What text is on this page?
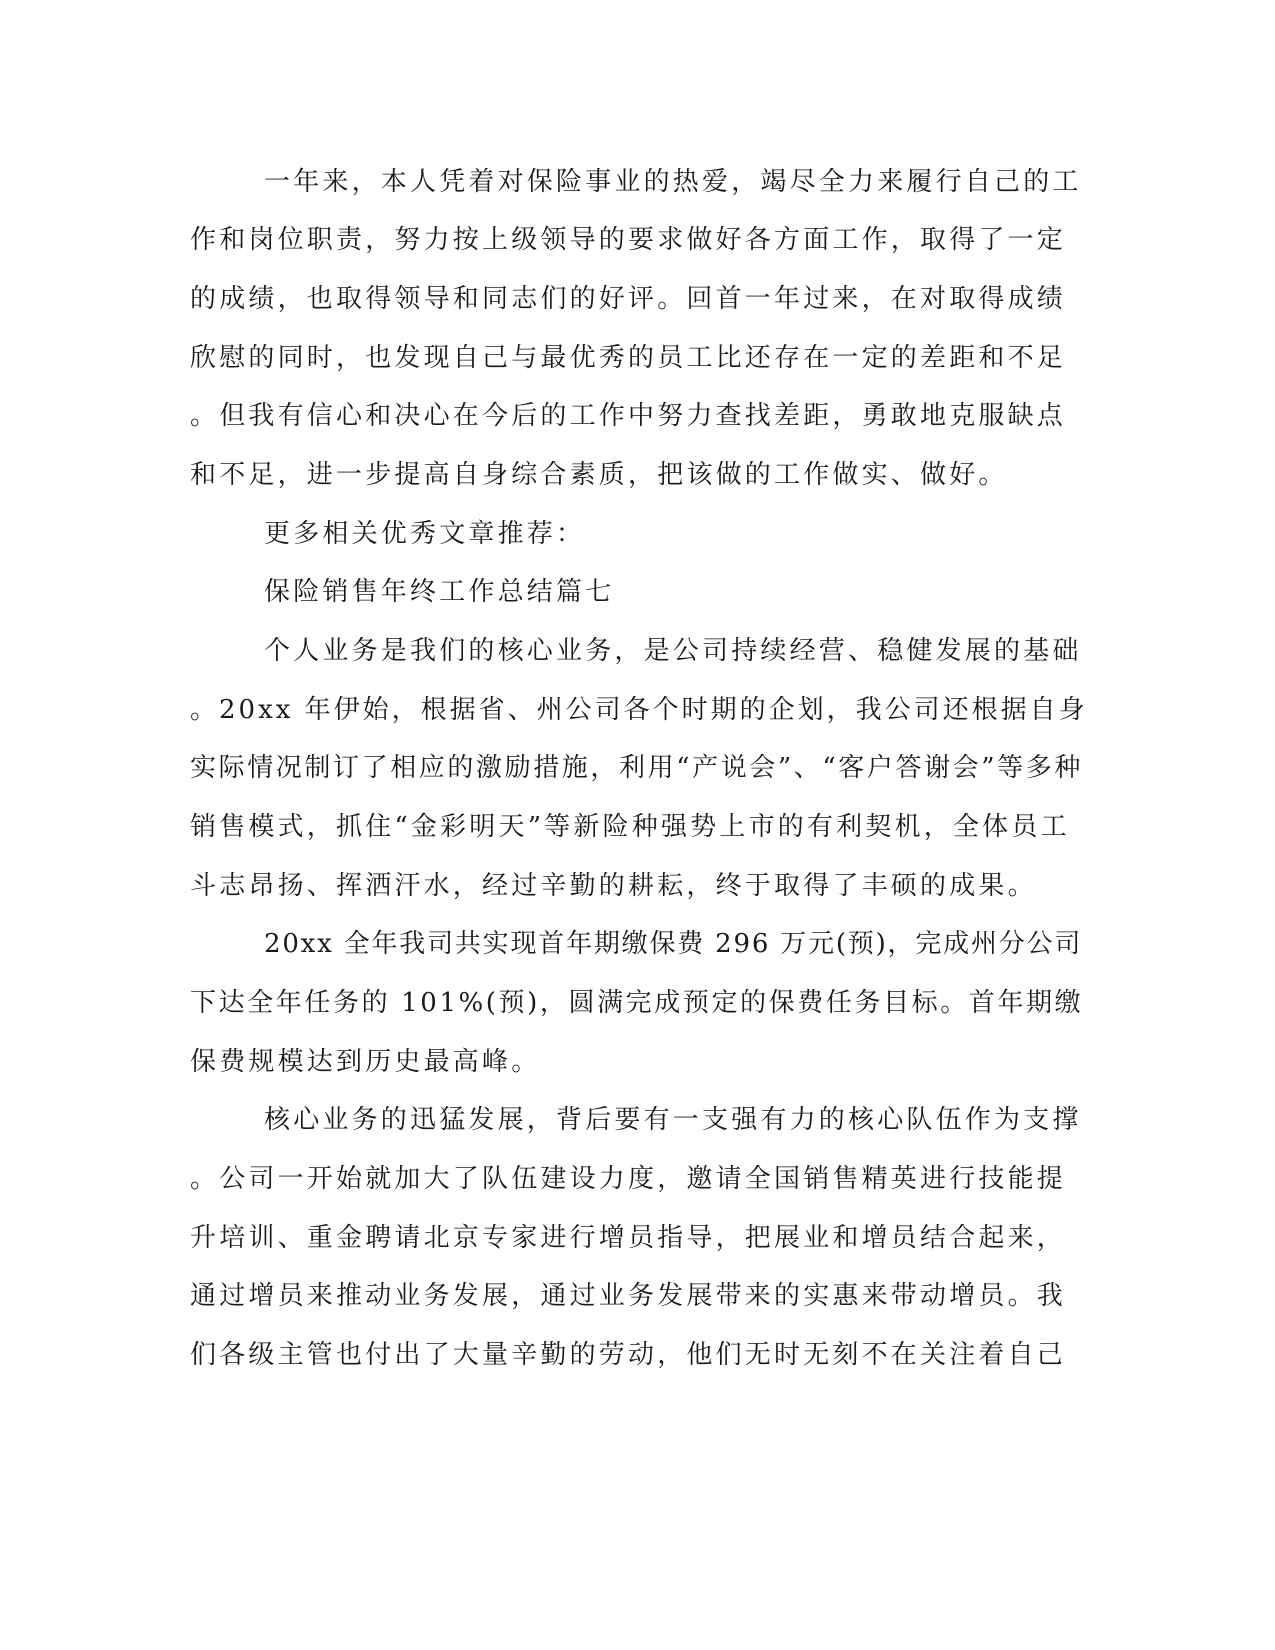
一年来，本人凭着对保险事业的热爱，竭尽全力来履行自己的工
作和岗位职责，努力按上级领导的要求做好各方面工作，取得了一定
的成绩，也取得领导和同志们的好评。回首一年过来，在对取得成绩
欣慰的同时，也发现自己与最优秀的员工比还存在一定的差距和不足
。但我有信心和决心在今后的工作中努力查找差距，勇敢地克服缺点
和不足，进一步提高自身综合素质，把该做的工作做实、做好。
更多相关优秀文章推荐：
保险销售年终工作总结篇七
个人业务是我们的核心业务，是公司持续经营、稳健发展的基础
。20xx 年伊始，根据省、州公司各个时期的企划，我公司还根据自身
实际情况制订了相应的激励措施，利用“产说会”、“客户答谢会”等多种
销售模式，抓住“金彩明天”等新险种强势上市的有利契机，全体员工
斗志昂扬、挥洒汗水，经过辛勤的耕耘，终于取得了丰硕的成果。
20xx 全年我司共实现首年期缴保费 296 万元(预)，完成州分公司
下达全年任务的 101%(预)，圆满完成预定的保费任务目标。首年期缴
保费规模达到历史最高峰。
核心业务的迅猛发展，背后要有一支强有力的核心队伍作为支撑
。公司一开始就加大了队伍建设力度，邀请全国销售精英进行技能提
升培训、重金聘请北京专家进行增员指导，把展业和增员结合起来，
通过增员来推动业务发展，通过业务发展带来的实惠来带动增员。我
们各级主管也付出了大量辛勤的劳动，他们无时无刻不在关注着自己
